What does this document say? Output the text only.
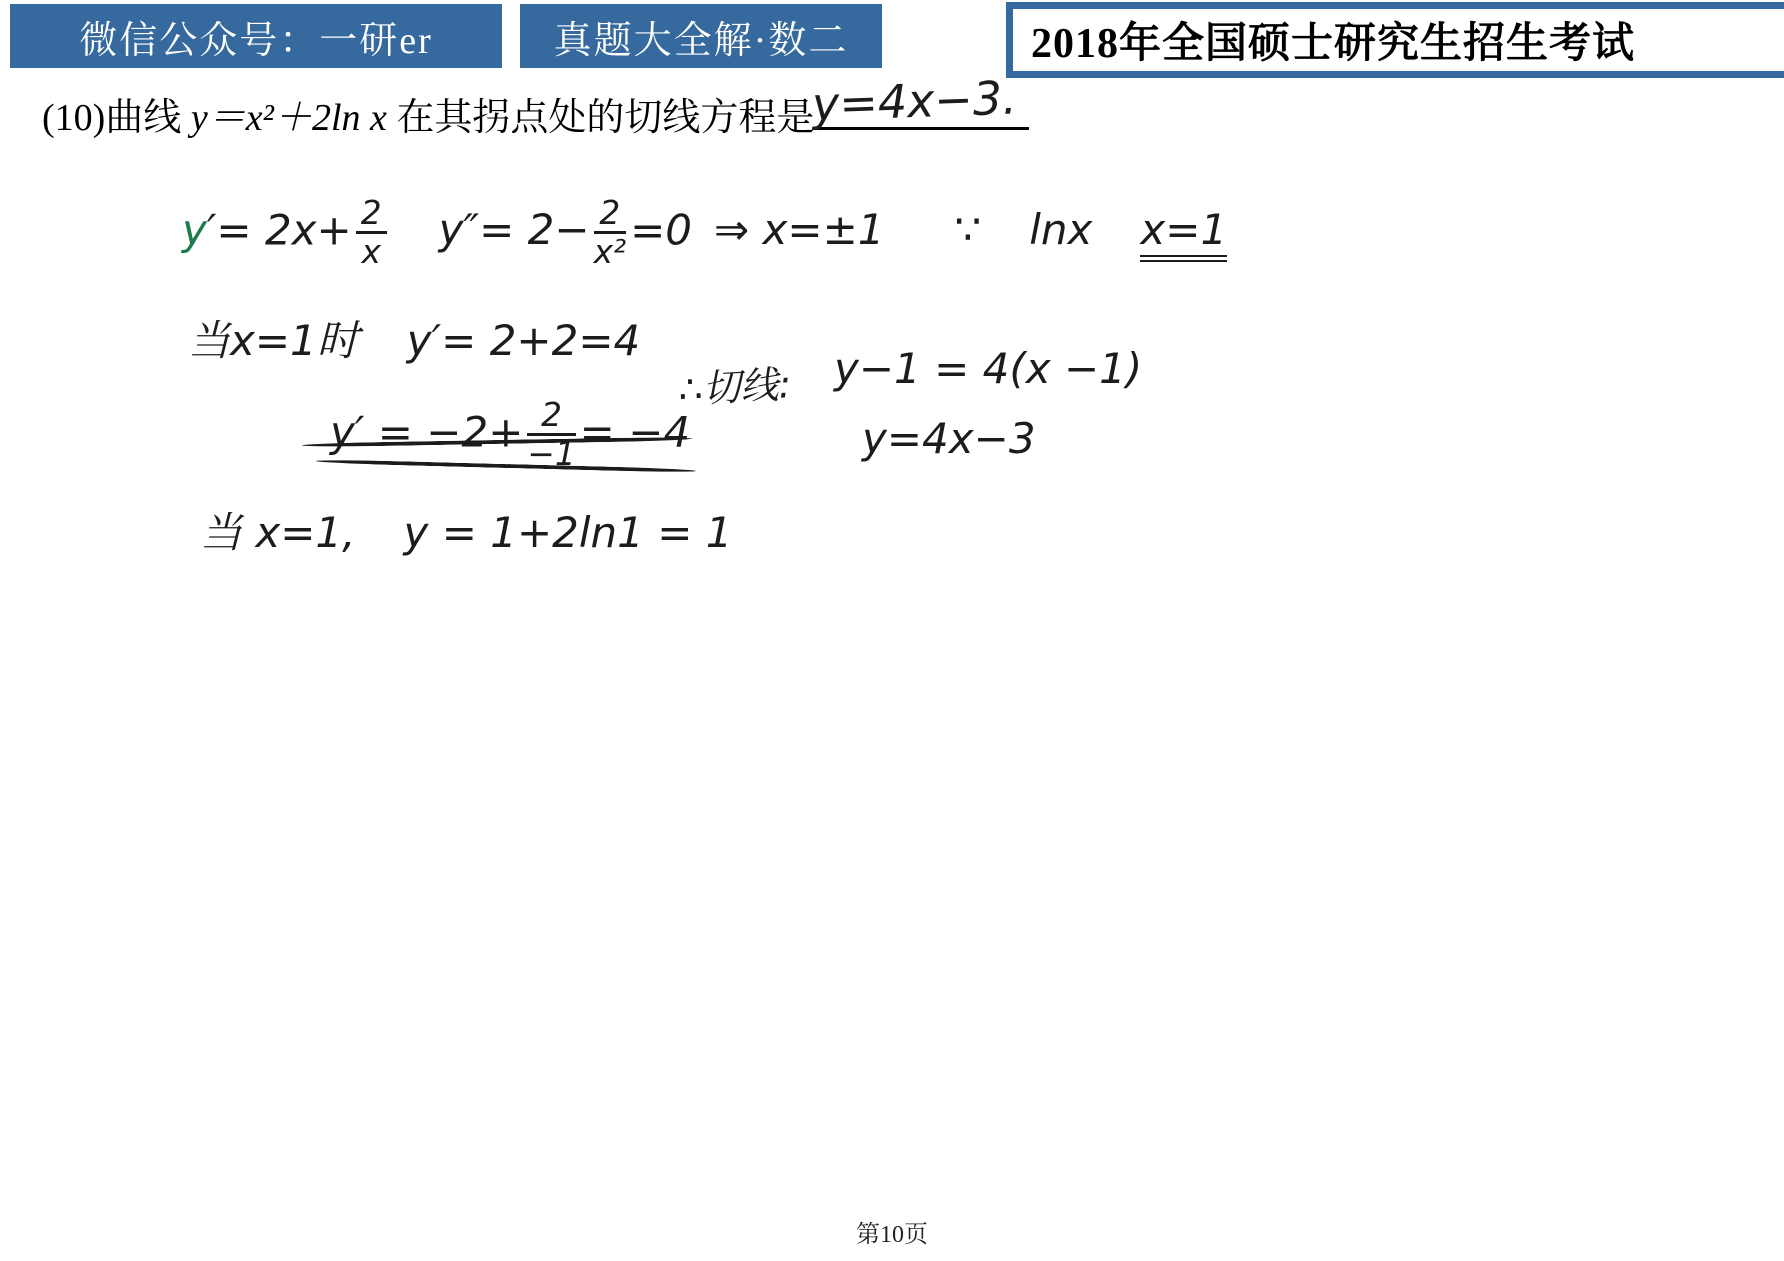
微信公众号：一研er	真题大全解·数二	2018年全国硕士研究生招生考试
(10)曲线 y＝x²＋2ln x 在其拐点处的切线方程是
y=4x−3.
$y'= 2x+ \frac{2}{x} y''= 2- \frac{2}{\text{x²}} =0$ ⇒ x=±1 ∵ lnx x=1
当x=1时 y′= 2+2=4
$y' = -2+ \frac{2}{-1} = -4$
∴切线: y−1 = 4(x −1)
y=4x−3
当 x=1, y = 1+2ln1 = 1
第10页
